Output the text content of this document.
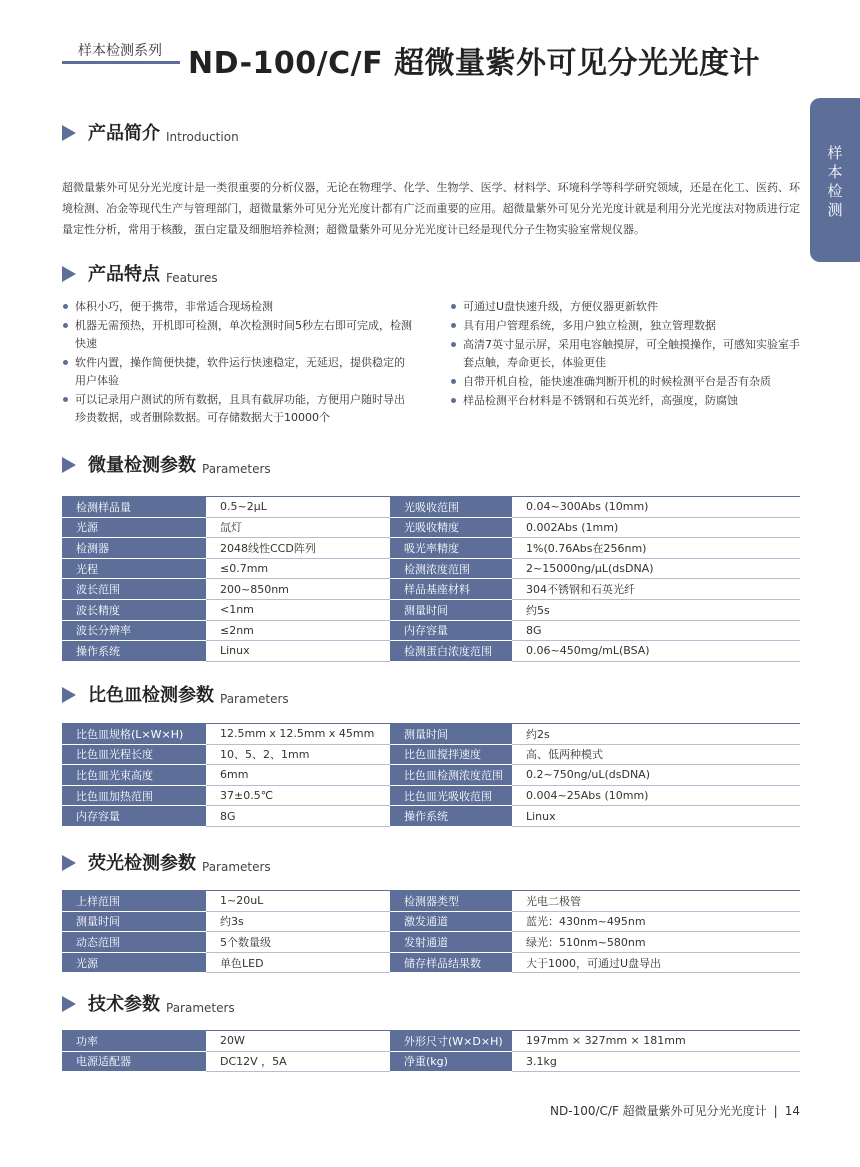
样本检测系列 ND-100/C/F 超微量紫外可见分光光度计
样
本
检
测
产品简介 Introduction
超微量紫外可见分光光度计是一类很重要的分析仪器，无论在物理学、化学、生物学、医学、材料学、环境科学等科学研究领域，还是在化工、医药、环境检测、冶金等现代生产与管理部门，超微量紫外可见分光光度计都有广泛而重要的应用。超微量紫外可见分光光度计就是利用分光光度法对物质进行定量定性分析，常用于核酸，蛋白定量及细胞培养检测；超微量紫外可见分光光度计已经是现代分子生物实验室常规仪器。
产品特点 Features
体积小巧，便于携带，非常适合现场检测
机器无需预热，开机即可检测，单次检测时间5秒左右即可完成，检测快速
软件内置，操作简便快捷，软件运行快速稳定，无延迟，提供稳定的用户体验
可以记录用户测试的所有数据，且具有截屏功能，方便用户随时导出珍贵数据，或者删除数据。可存储数据大于10000个
可通过U盘快速升级，方便仪器更新软件
具有用户管理系统，多用户独立检测，独立管理数据
高清7英寸显示屏，采用电容触摸屏，可全触摸操作，可感知实验室手套点触，寿命更长，体验更佳
自带开机自检，能快速准确判断开机的时候检测平台是否有杂质
样品检测平台材料是不锈钢和石英光纤，高强度，防腐蚀
微量检测参数 Parameters
检测样品量	0.5~2μL	光吸收范围	0.04~300Abs (10mm)
光源	氙灯	光吸收精度	0.002Abs (1mm)
检测器	2048线性CCD阵列	吸光率精度	1%(0.76Abs在256nm)
光程	≤0.7mm	检测浓度范围	2~15000ng/μL(dsDNA)
波长范围	200~850nm	样品基座材料	304不锈钢和石英光纤
波长精度	<1nm	测量时间	约5s
波长分辨率	≤2nm	内存容量	8G
操作系统	Linux	检测蛋白浓度范围	0.06~450mg/mL(BSA)
比色皿检测参数 Parameters
比色皿规格(L×W×H)	12.5mm x 12.5mm x 45mm	测量时间	约2s
比色皿光程长度	10、5、2、1mm	比色皿搅拌速度	高、低两种模式
比色皿光束高度	6mm	比色皿检测浓度范围	0.2~750ng/uL(dsDNA)
比色皿加热范围	37±0.5℃	比色皿光吸收范围	0.004~25Abs (10mm)
内存容量	8G	操作系统	Linux
荧光检测参数 Parameters
上样范围	1~20uL	检测器类型	光电二极管
测量时间	约3s	激发通道	蓝光：430nm~495nm
动态范围	5个数量级	发射通道	绿光：510nm~580nm
光源	单色LED	储存样品结果数	大于1000，可通过U盘导出
技术参数 Parameters
功率	20W	外形尺寸(W×D×H)	197mm × 327mm × 181mm
电源适配器	DC12V ，5A	净重(kg)	3.1kg
ND-100/C/F 超微量紫外可见分光光度计 | 14
